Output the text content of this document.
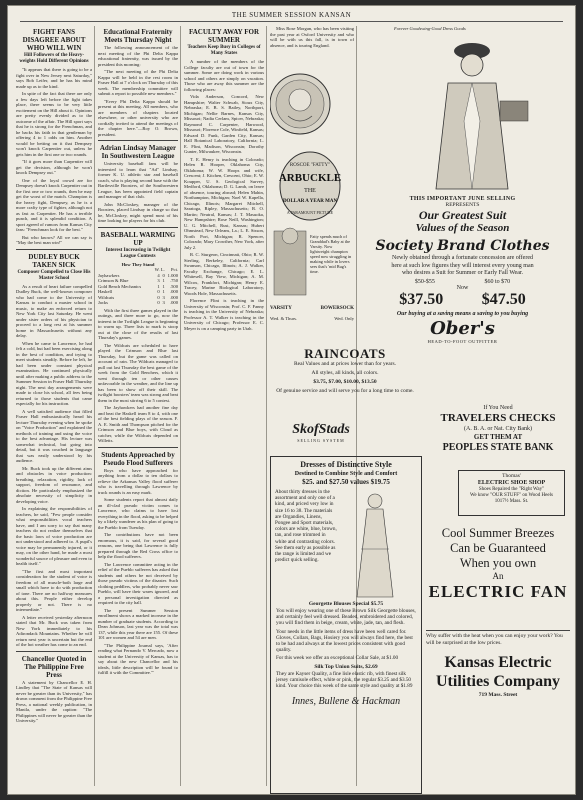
THE SUMMER SESSION KANSAN
FIGHT FANS DISAGREE ABOUT WHO WILL WIN
Hill Followers of the Heavy-weights Hold Different Opinions

"It appears that there is going to be a fight over in New Jersey next Saturday," says Bob Leifer, and he has his mind made up as to the kind.

In spite of the fact that there are only a few days left before the fight takes place, there seems to be very little excitement on the Hill about it. Opinions are pretty evenly divided as to the outcome of the affair. The Hill sport says that he is strong for the Frenchman, and he backs his faith in that gentleman by offering 4 to 1 odds on him. Another would be betting on it that Dempsey won't knock Carpentier out, unless he gets him in the first one or two rounds.

"If it goes more than Carpentier will get the decision, although he won't knock Dempsey out."

One of the loyal crowd are for Dempsey doesn't knock Carpentier out in the first one or two rounds, then he may get the worst of the match. Champion is the heavy fight, Dempsey, as he is a more crafty type of fighter, although not as fast as Carpentier. He has a terrible punch, and it is splendid condition. A sport agreed of rumors from Kansas City fans: "Frenchman look for the best."

But who knows? All we can say is "May the best man win!"

DUDLEY BUCK TAKEN SICK
Composer Compelled to Close His Master School

As a result of heart failure compelled Dudley Buck, the well-known composer who had come to the University of Kansas to conduct a master school in music, to make an enforced return to New York City last Saturday. He went under sister orders of his physician to proceed to a long rest at his summer home in Massachusetts without any delay.

When he came to Lawrence, he had felt a cold, but had been exercising along in the best of condition, and trying to meet students steadily. Before he left, he had been under constant physical examination. He continued physically until after making a public address to the Summer Session in Fraser Hall Thursday night. The next day arrangements were made to close his school, all fees being returned to those students that came especially for his instruction.

A well satisfied audience that filled Fraser Hall enthusiastically heard his lecture Thursday evening when he spoke on "Voice Production" and explained the methods of training and using the voice to the best advantage. His lecture was somewhat technical, but going into detail, but it was couched in language that was easily understood by his audience.

Mr. Buck took up the different aims and obstacles in voice production: breathing, relaxation, rigidity, lack of support, freedom of resonance, and diction. He particularly emphasized the absolute necessity of simplicity in developing voice.

In explaining the responsibilities of teachers, he said, "Few people consider what responsibilities vocal teachers have, and I am sorry to say that many teachers do not realize themselves that the basic laws of voice production are not understood and adhered to. A pupil's voice may be permanently injured, or it may, on the other hand, be made a most wonderful source of pleasure and even to health itself."

"The first and most important consideration for the student of voice is freedom of all muscle-both large and small which have to do with production of tone. There are no halfway measures about this. People either develop properly or not. There is no intermediate."

A letter received yesterday afternoon stated that Mr. Buck was taken from New York immediately to his Adirondack Mountains. Whether he will return next year is uncertain but the end of the hot weather has come to an end.

Chancellor Quoted in The Philippine Free Press

A statement by Chancellor E. H. Lindley that "The State of Kansas will never be greater than its University," has drawn comment from the Philippine Free Press, a national weekly publication, in Manila, under the caption: "The Philippines will never be greater than the University."

Educational Fraternity Meets Thursday Night

The following announcement of the next meeting of the Phi Delta Kappa educational fraternity, was issued by the president this morning:

"The next meeting of the Phi Delta Kappa will be held in the rest room in Fraser Hall at 7 o'clock on Thursday of this week. The membership committee will submit a report to possible new members."

"Every Phi Delta Kappa should be present at this meeting. All members, who are members of chapters located elsewhere, or other university who are cordially invited to attend the meetings of the chapter here."—Roy O. Brown, president.

Adrian Lindsay Manager In Southwestern League

University baseball fans will be interested to learn that "Ad" Lindsay, former K. U. athletic star and baseball coach, who is playing second base with the Bartlesville Boosters, of the Southwestern League, has been appointed field captain and manager of that club.

John McCloskey, manager of the Boosters, placed Lindsay in charge so that he, McCloskey, might spend most of his time looking for players for his club.

BASEBALL WARMING UP
Interest Increasing in Twilight League Contests
How They Stand
	W.	L.	Pct.
Jayhawkers	4	0	1.000
Crimson & Blue	3	1	.750
Gold Bench Mechanics	1	1	.500
Haskell	0	1	.000
Wildcats	0	3	.000
Jacks	0	3	.000

With the first three games played in the outings, and three more to go, now the interest in the Twilight League is beginning to warm up. Three lists to mark is stoop out at the close of the results of last Thursday's games.

The Wildcats are scheduled to have played the Crimson and Blue last Thursday, but the game was called on account of rain. The Wildcats managed to pull out last Thursday the best game of the week from the Gold Benchers, which it went through ten or other causes unfavorable in the weather, and the line up has been to show off their skill. The twilight boosters' team was strong and beat them in the most stirring 6 to 5 contest.

The Jayhawkers had another fine day and beat the Haskell team 8 to 4, with one of the best fielding plays of the season. F. A. E. Smith and Thompson pitched for the Crimson and Blue boys, with Cloud as catcher, while the Wildcats depended on Willetts.

Students Approached by Pseudo Flood Sufferers

Boys who have approached for anything from a dollar to ten dollars to relieve the Arkansas Valley flood sufferer who is travelling through Lawrence by truck rounds is an easy mark.

Some students report that almost daily an ill-clad pseudo victim comes to Lawrence, who claims to have lost everything in the flood, asking to be helped by a likely wanderer as his plan of going to the Pueblo from Tuesday.

The contributions have not been enormous, it is said, for several good reasons, one being that Lawrence is fully prepared through the Red Cross office to help the flood sufferers.

The Lawrence committee acting in the relief of the Pueblo sufferers has asked that students and others be not deceived by those pseudo victims of the disaster. Such clothing peddlers, who probably never saw Pueblo, will have their wares ignored, and a personal investigation directed as required to the city hall.

The present Summer Session enrollment shows a marked increase in the number of graduate students. According to Dean Johnson, last year was the total was 137, while this year there are 155. Of these 101 are women and 54 are men.

"The Philippine Journal says, 'After reading what Fernando V. Mercado, now a student at the University of Kansas, has to say about the new Chancellor and his ideals, little description will be found to fulfill it with the Committee.'"

FACULTY AWAY FOR SUMMER
Teachers Keep Busy in Colleges of Many States

A number of the members of the College faculty are out of town for the summer. Some are doing work in various school and others are simply on vacation. Those who are away this summer are the following places:

Vida Anderson, Concord, New Hampshire; Walter Schwab, Sioux City, Nebraska; E. B. S. Bailey, Northport, Michigan; Nellie Barnes, Kansas City, Missouri; Nadia Cerlam, Spicer, Nebraska; Raymond C. Carpenter, Harwood, Missouri; Florence Cole, Winfield, Kansas; Edward D. Funk, Garden City, Kansas; Hall Botanical Laboratory, California; L. E. Flint, Madison, Wisconsin; Dorothy Gunter, Milwaukee, Wisconsin.

T. E. Henry is teaching in Colorado; Helen R. Hooper, Oklahoma City, Oklahoma; W. W. Hoops and wife, Crescent; J. Kitchen, Crescent, Ohio; E. W. Koupper, U. S. Geological Survey, Medford, Oklahoma; D. G. Lamb, on leave of absence, touring abroad; Helen Mahin, Northampton, Michigan; Noel W. Kapella, Chicago, Illinois; Margaret Mitchell, Saratoga, Ripley, Massachusetts; R. O. Martin; Neutral, Kansas; J. T. Masuoka, New Hampshire; Rose Neill, Washington; U. G. Mitchell, Rust, Kansas; Hubert Ohmstead, New Orleans, La.; L. E. Sisson, North Port, Michigan; R. Spencer, Colorado; Mary Crowther, New York, after July 2.

R. C. Sturgeon, Cincinnati, Ohio; R. W. Sterling, Berkeley, California; Carl Swanson, Chicago, Illinois; A. J. Walker, Faculty Exchange, Chicago; E. L. Whitesell, Bay View, Michigan; A. M. Wilcox, Frankfort, Michigan; Henry E. Tracey, Marine Biological Laboratory, Woods Hole, Massachusetts.

Florence Flint is teaching in the University of Wisconsin; Prof. C. F. Fanny is teaching in the University of Nebraska; Professor A. T. Walker is teaching in the University of Chicago; Professor E. C. Meyer is on a camping party in Utah.

Miss Rose Morgan, who has been visiting the past year at Oxford University and who will be with us this fall, is in town of absence, and is touring England.

ROSCOE "FATTY"
ARBUCKLE
THE
DOLLAR A YEAR MAN
A PARAMOUNT PICTURE
Fatty spends much of Granddad's Baby at the Varsity. Now lightweight champion speed now struggling in making while in lovers sees that's 'mid Bug's time.
VARSITY	BOWERSOCK
Wed. & Thurs.	Wed. Only
Forever Goodswing-Good Dress Goods
THIS IMPORTANT JUNE SELLING
REPRESENTS
Our Greatest Suit
Values of the Season
Society Brand Clothes
Newly obtained through a fortunate concession are offered here at such low figures they will interest every young man who desires a Suit for Summer or Early Fall Wear.
$50-$55	$60 to $70
Now
$37.50 $47.50
Our buying at a saving means a saving to you buying
Ober's
HEAD-TO-FOOT OUTFITTER
RAINCOATS
Real Values and at prices lower than for years.
All styles, all kinds, all colors.
$3.75, $7.00, $10.00, $13.50
Of genuine service and will serve you for a long time to come.
SkofStads
SELLING SYSTEM
Dresses of Distinctive Style
Destined to Combine Style and Comfort
$25. and $27.50 values $19.75
About thirty dresses in the assortment and only one of a kind, and priced very low in size 16 to 38. The materials are Organdies, Linens, Pongee and Sport materials, colors are white, blue, brown, tan, and rose trimmed in white and contrasting colors. See them early as possible as the range is limited and we predict quick selling.
Georgette Blouses Special $5.75
You will enjoy wearing one of these Brown Silk Georgette blouses, and certainly feel well dressed. Beaded, embroidered and colored, you will find them in beige, cream, white, jade, tan, and flesh.
Your needs in the little items of dress have been well cared for. Gloves, Collars, Bags, Hosiery you will always find here, the best to be had and always at the lowest prices consistent with good quality.
For this week we offer an exceptional Collar Sale, at $1.00
Silk Top Union Suits, $2.69
They are Kayser Quality, a fine lisle elastic rib, with finest silk jersey camisole effect, white or pink, the regular $3.25 and $3.50 kind. Your choice this week of the same style and quality at $1.89
Innes, Bullene & Hackman
If You Need
TRAVELERS CHECKS
(A. B. A. or Nat. City Bank)
GET THEM AT
PEOPLES STATE BANK
Thomas'
ELECTRIC SHOE SHOP
Shoes Repaired the "Right Way"
We know "OUR STUFF" on Wood Heels
1017½ Mass. St.
Cool Summer Breezes
Can be Guaranteed
When you own
An
ELECTRIC FAN
Why suffer with the heat when you can enjoy your work? You will be surprised at the low prices.
Kansas Electric
Utilities Company
719 Mass. Street
